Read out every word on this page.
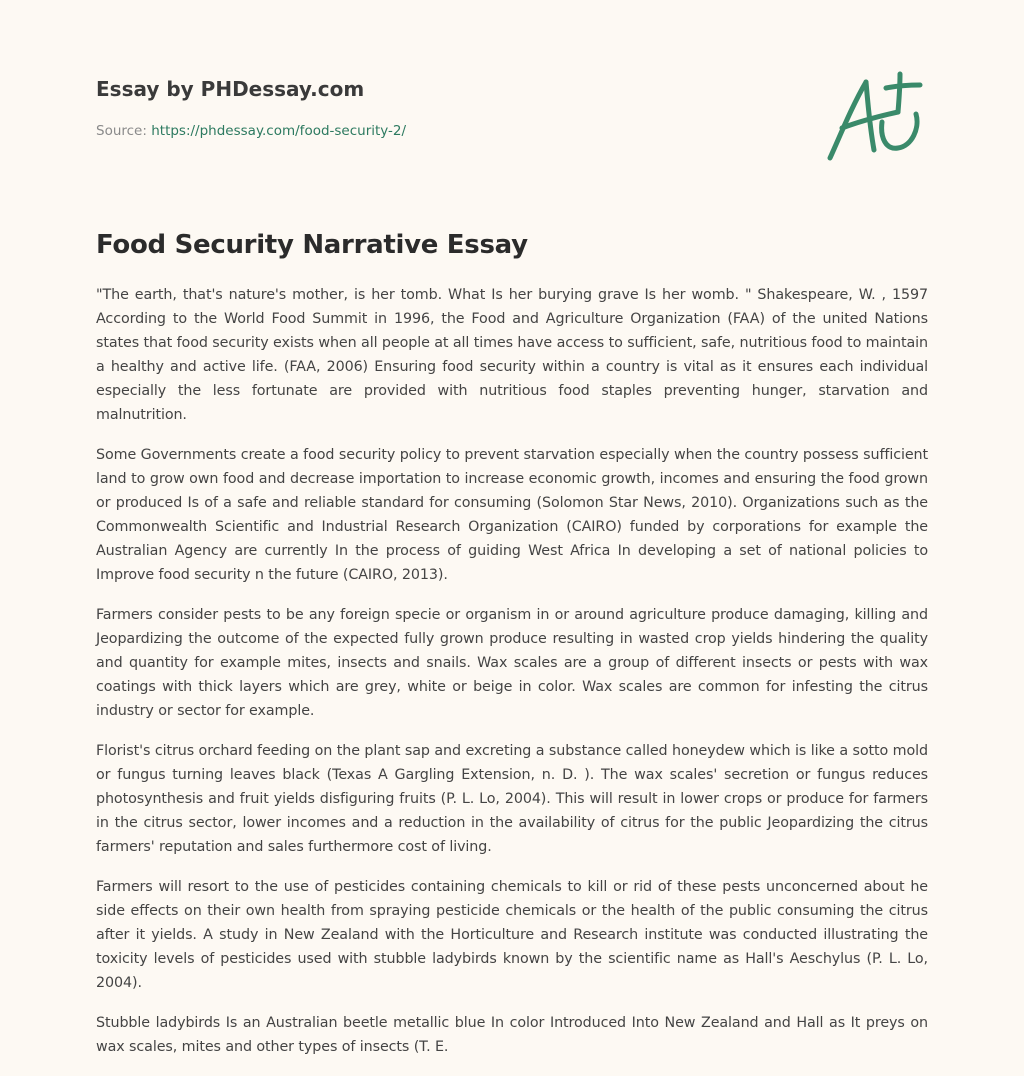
Essay by PHDessay.com
Source: https://phdessay.com/food-security-2/
Food Security Narrative Essay

"The earth, that's nature's mother, is her tomb. What Is her burying grave Is her womb. " Shakespeare, W. , 1597 According to the World Food Summit in 1996, the Food and Agriculture Organization (FAA) of the united Nations states that food security exists when all people at all times have access to sufficient, safe, nutritious food to maintain a healthy and active life. (FAA, 2006) Ensuring food security within a country is vital as it ensures each individual especially the less fortunate are provided with nutritious food staples preventing hunger, starvation and malnutrition.

Some Governments create a food security policy to prevent starvation especially when the country possess sufficient land to grow own food and decrease importation to increase economic growth, incomes and ensuring the food grown or produced Is of a safe and reliable standard for consuming (Solomon Star News, 2010). Organizations such as the Commonwealth Scientific and Industrial Research Organization (CAIRO) funded by corporations for example the Australian Agency are currently In the process of guiding West Africa In developing a set of national policies to Improve food security n the future (CAIRO, 2013).

Farmers consider pests to be any foreign specie or organism in or around agriculture produce damaging, killing and Jeopardizing the outcome of the expected fully grown produce resulting in wasted crop yields hindering the quality and quantity for example mites, insects and snails. Wax scales are a group of different insects or pests with wax coatings with thick layers which are grey, white or beige in color. Wax scales are common for infesting the citrus industry or sector for example.

Florist's citrus orchard feeding on the plant sap and excreting a substance called honeydew which is like a sotto mold or fungus turning leaves black (Texas A Gargling Extension, n. D. ). The wax scales' secretion or fungus reduces photosynthesis and fruit yields disfiguring fruits (P. L. Lo, 2004). This will result in lower crops or produce for farmers in the citrus sector, lower incomes and a reduction in the availability of citrus for the public Jeopardizing the citrus farmers' reputation and sales furthermore cost of living.

Farmers will resort to the use of pesticides containing chemicals to kill or rid of these pests unconcerned about he side effects on their own health from spraying pesticide chemicals or the health of the public consuming the citrus after it yields. A study in New Zealand with the Horticulture and Research institute was conducted illustrating the toxicity levels of pesticides used with stubble ladybirds known by the scientific name as Hall's Aeschylus (P. L. Lo, 2004).

Stubble ladybirds Is an Australian beetle metallic blue In color Introduced Into New Zealand and Hall as It preys on wax scales, mites and other types of insects (T. E.
